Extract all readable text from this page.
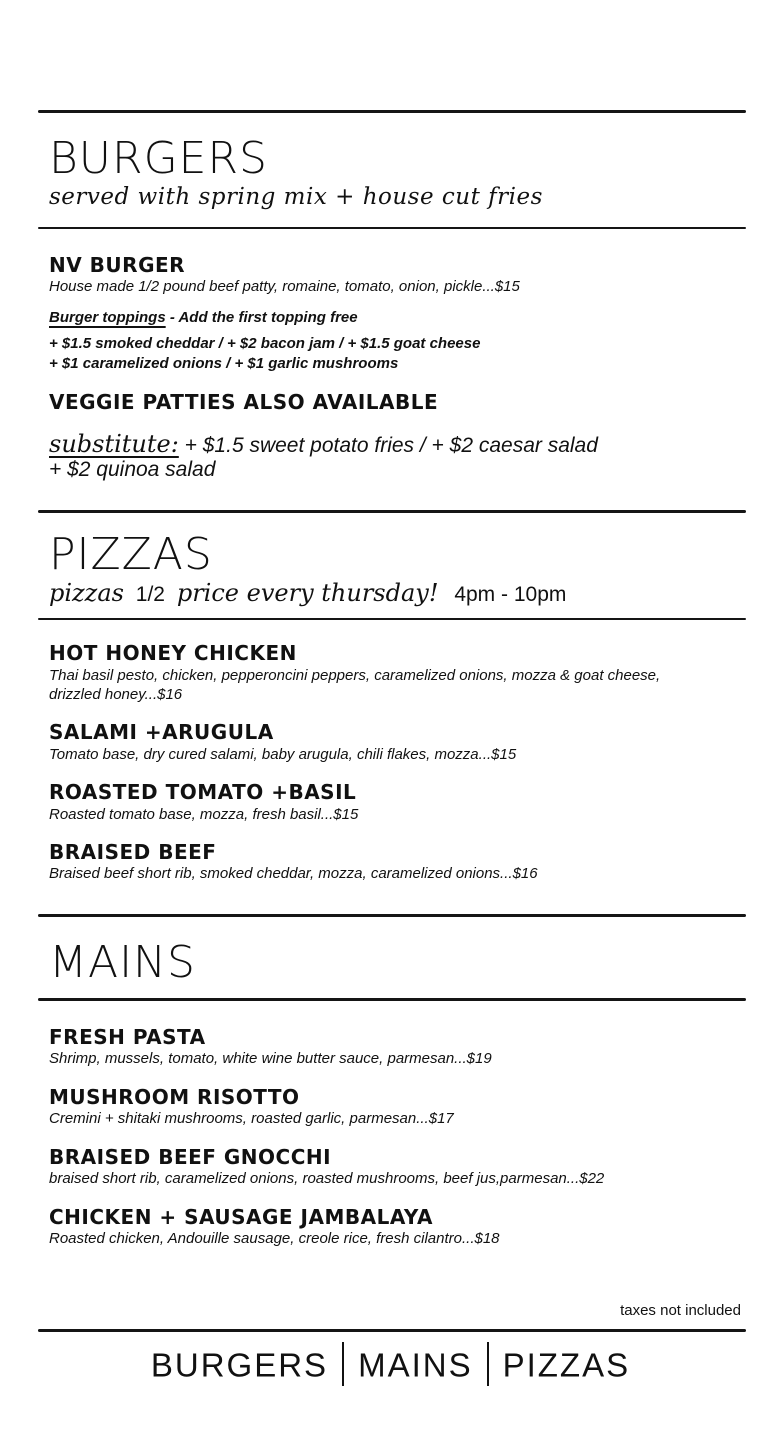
BURGERS
served with spring mix + house cut fries
NV BURGER
House made 1/2 pound beef patty, romaine, tomato, onion, pickle...$15
Burger toppings - Add the first topping free
+ $1.5 smoked cheddar / + $2 bacon jam / + $1.5 goat cheese
+ $1 caramelized onions / + $1 garlic mushrooms
VEGGIE PATTIES ALSO AVAILABLE
substitute: + $1.5 sweet potato fries / + $2 caesar salad
+ $2 quinoa salad
PIZZAS
pizzas 1/2 price every thursday! 4pm - 10pm
HOT HONEY CHICKEN
Thai basil pesto, chicken, pepperoncini peppers, caramelized onions, mozza & goat cheese, drizzled honey...$16
SALAMI +ARUGULA
Tomato base, dry cured salami, baby arugula, chili flakes, mozza...$15
ROASTED TOMATO +BASIL
Roasted tomato base, mozza, fresh basil...$15
BRAISED BEEF
Braised beef short rib, smoked cheddar, mozza, caramelized onions...$16
MAINS
FRESH PASTA
Shrimp, mussels, tomato, white wine butter sauce, parmesan...$19
MUSHROOM RISOTTO
Cremini + shitaki mushrooms, roasted garlic, parmesan...$17
BRAISED BEEF GNOCCHI
braised short rib, caramelized onions, roasted mushrooms, beef jus,parmesan...$22
CHICKEN + SAUSAGE JAMBALAYA
Roasted chicken, Andouille sausage, creole rice, fresh cilantro...$18
taxes not included
BURGERS MAINS PIZZAS
